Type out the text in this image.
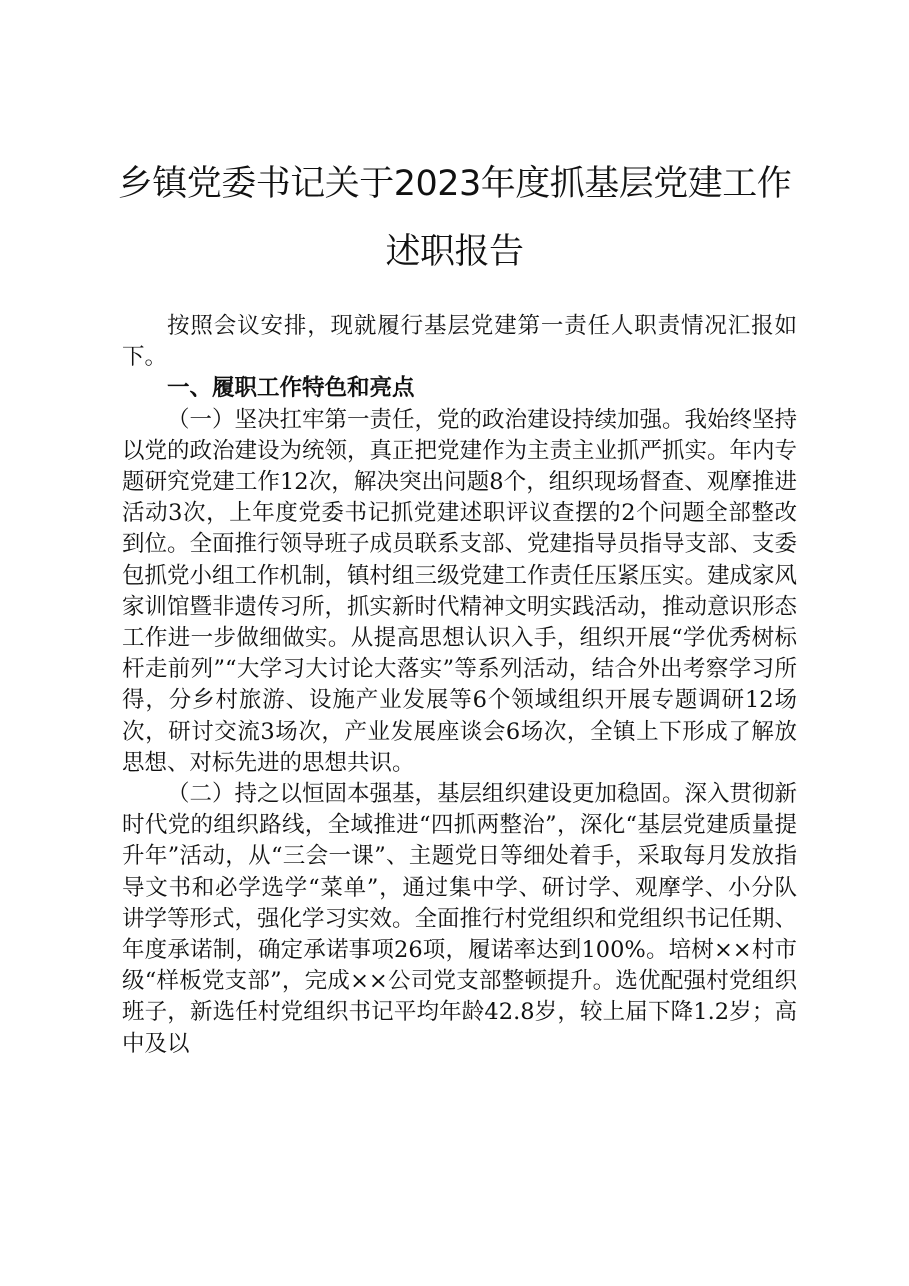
乡镇党委书记关于2023年度抓基层党建工作
述职报告

按照会议安排，现就履行基层党建第一责任人职责情况汇报如下。

一、履职工作特色和亮点

（一）坚决扛牢第一责任，党的政治建设持续加强。我始终坚持以党的政治建设为统领，真正把党建作为主责主业抓严抓实。年内专题研究党建工作12次，解决突出问题8个，组织现场督查、观摩推进活动3次，上年度党委书记抓党建述职评议查摆的2个问题全部整改到位。全面推行领导班子成员联系支部、党建指导员指导支部、支委包抓党小组工作机制，镇村组三级党建工作责任压紧压实。建成家风家训馆暨非遗传习所，抓实新时代精神文明实践活动，推动意识形态工作进一步做细做实。从提高思想认识入手，组织开展“学优秀树标杆走前列”“大学习大讨论大落实”等系列活动，结合外出考察学习所得，分乡村旅游、设施产业发展等6个领域组织开展专题调研12场次，研讨交流3场次，产业发展座谈会6场次，全镇上下形成了解放思想、对标先进的思想共识。

（二）持之以恒固本强基，基层组织建设更加稳固。深入贯彻新时代党的组织路线，全域推进“四抓两整治”，深化“基层党建质量提升年”活动，从“三会一课”、主题党日等细处着手，采取每月发放指导文书和必学选学“菜单”，通过集中学、研讨学、观摩学、小分队讲学等形式，强化学习实效。全面推行村党组织和党组织书记任期、年度承诺制，确定承诺事项26项，履诺率达到100%。培树××村市级“样板党支部”，完成××公司党支部整顿提升。选优配强村党组织班子，新选任村党组织书记平均年龄42.8岁，较上届下降1.2岁；高中及以
